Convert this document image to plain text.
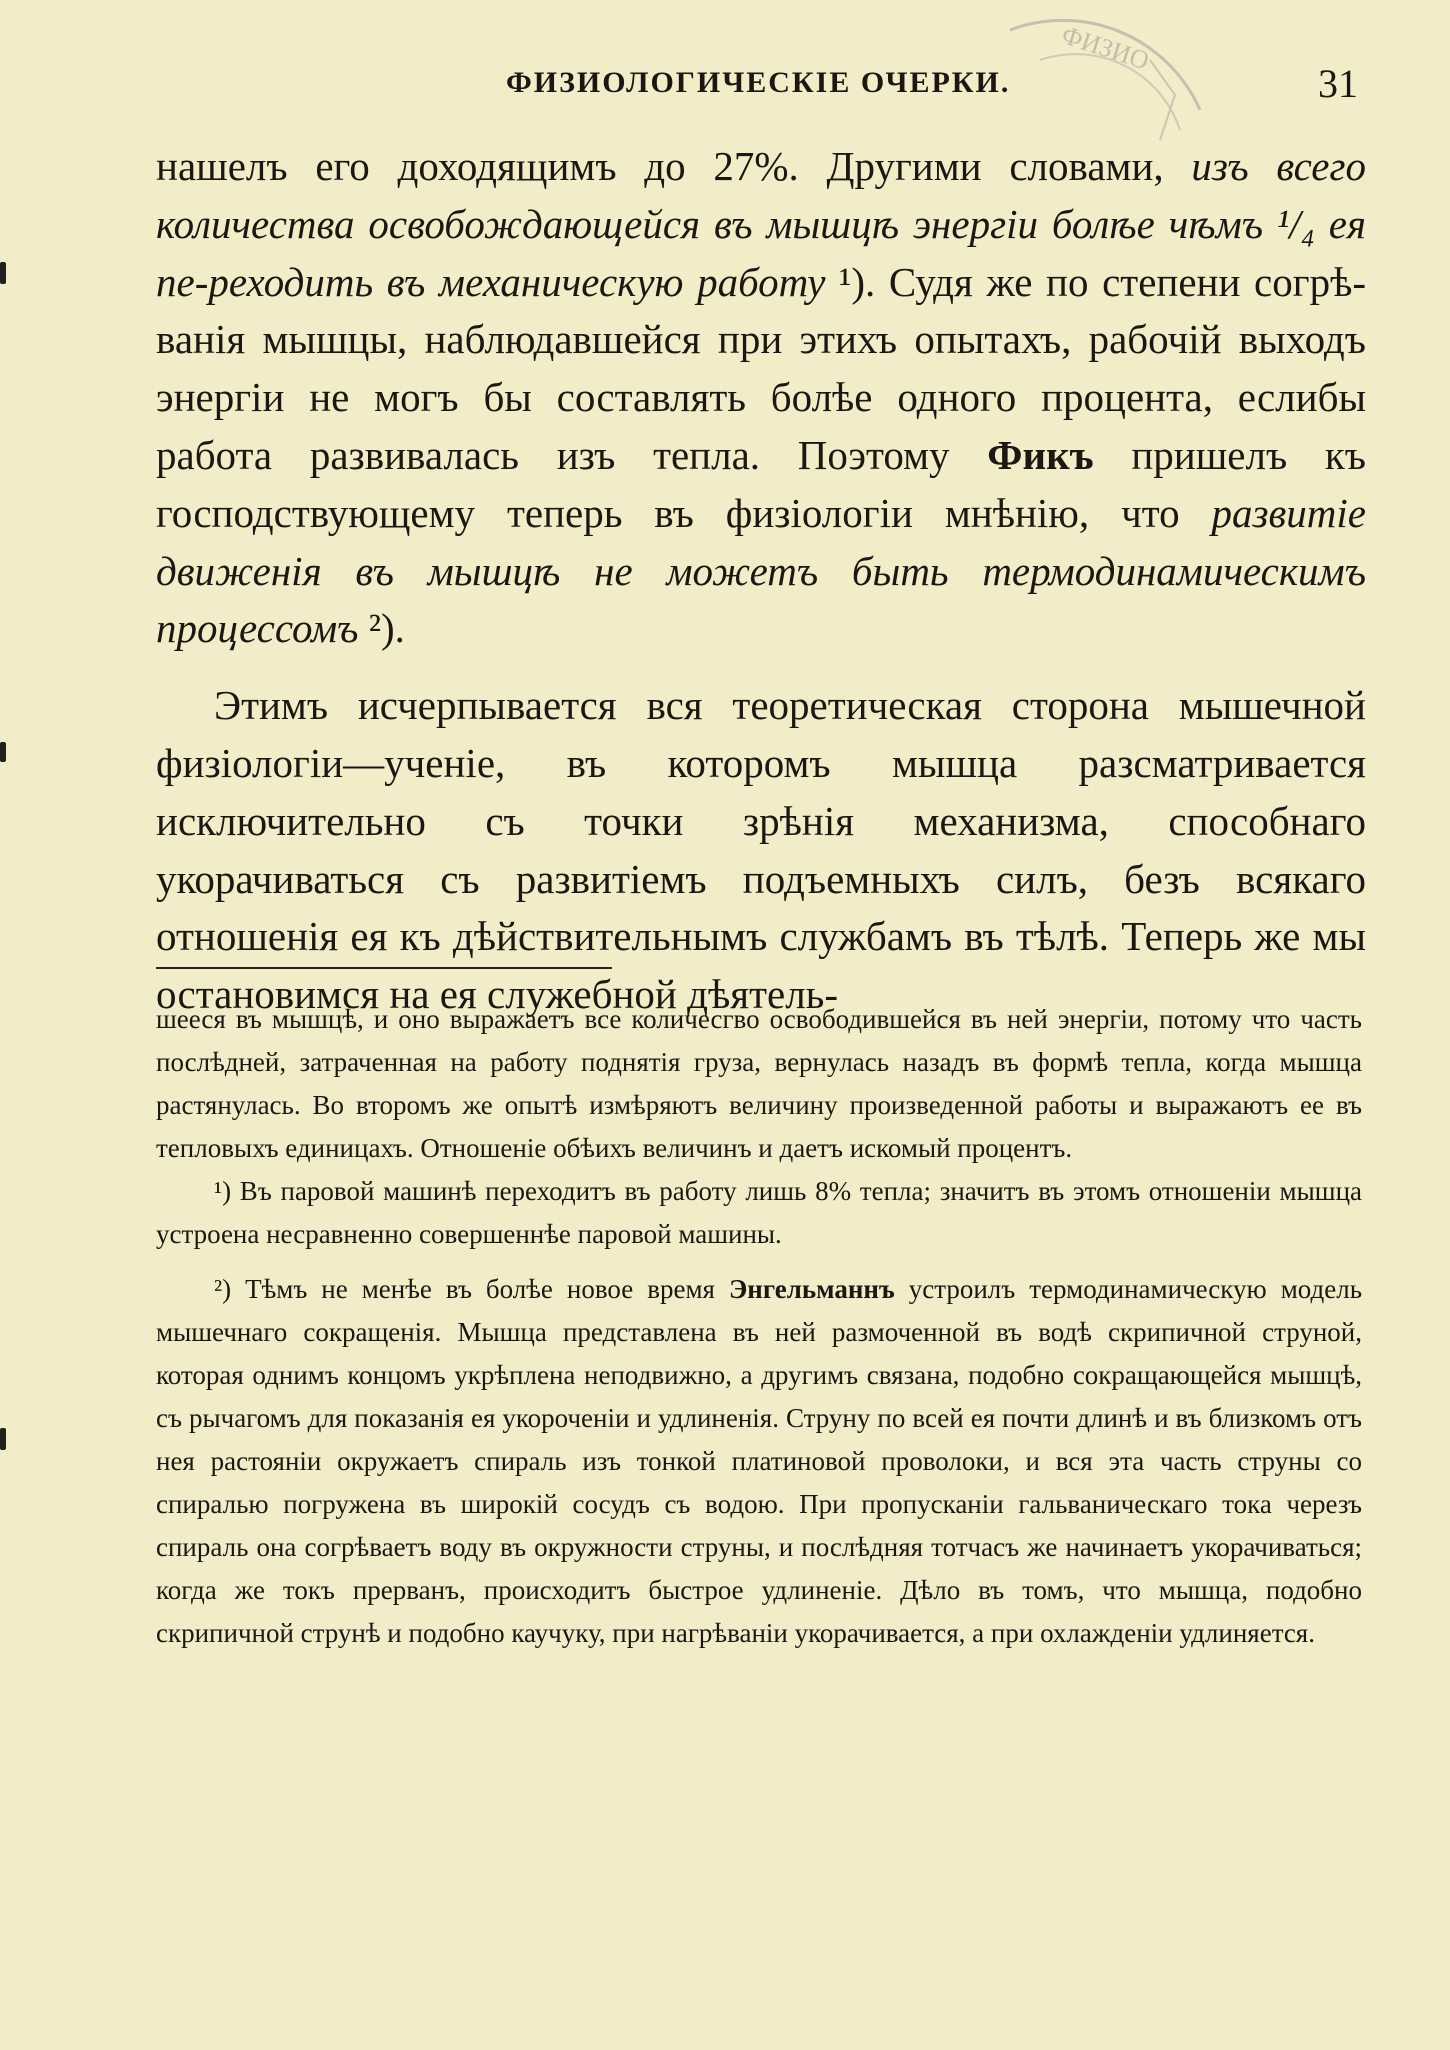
ФИЗИО
ФИЗИОЛОГИЧЕСКІЕ ОЧЕРКИ.	31

нашелъ его доходящимъ до 27%. Другими словами, изъ всего количества освобождающейся въ мышцѣ энергіи болѣе чѣмъ ¹/₄ ея пе-реходить въ механическую работу ¹). Судя же по степени согрѣ- ванія мышцы, наблюдавшейся при этихъ опытахъ, рабочій выходъ энергіи не могъ бы составлять болѣе одного процента, еслибы работа развивалась изъ тепла. Поэтому Фикъ пришелъ къ господствующему теперь въ физіологіи мнѣнію, что развитіе движенія въ мышцѣ не можетъ быть термодинамическимъ процессомъ ²).

Этимъ исчерпывается вся теоретическая сторона мышечной физіологіи—ученіе, въ которомъ мышца разсматривается исключительно съ точки зрѣнія механизма, способнаго укорачиваться съ развитіемъ подъемныхъ силъ, безъ всякаго отношенія ея къ дѣйствительнымъ службамъ въ тѣлѣ. Теперь же мы остановимся на ея служебной дѣятель-

шееся въ мышцѣ, и оно выражаетъ все количесгво освободившейся въ ней энергіи, потому что часть послѣдней, затраченная на работу поднятія груза, вернулась назадъ въ формѣ тепла, когда мышца растянулась. Во второмъ же опытѣ измѣряютъ величину произведенной работы и выражаютъ ее въ тепловыхъ единицахъ. Отношеніе обѣихъ величинъ и даетъ искомый процентъ.

¹) Въ паровой машинѣ переходитъ въ работу лишь 8% тепла; значитъ въ этомъ отношеніи мышца устроена несравненно совершеннѣе паровой машины.

²) Тѣмъ не менѣе въ болѣе новое время Энгельманнъ устроилъ термодинамическую модель мышечнаго сокращенія. Мышца представлена въ ней размоченной въ водѣ скрипичной струной, которая однимъ концомъ укрѣплена неподвижно, а другимъ связана, подобно сокращающейся мышцѣ, съ рычагомъ для показанія ея укороченіи и удлиненія. Струну по всей ея почти длинѣ и въ близкомъ отъ нея растояніи окружаетъ спираль изъ тонкой платиновой проволоки, и вся эта часть струны со спиралью погружена въ широкій сосудъ съ водою. При пропусканіи гальваническаго тока черезъ спираль она согрѣваетъ воду въ окружности струны, и послѣдняя тотчасъ же начинаетъ укорачиваться; когда же токъ прерванъ, происходитъ быстрое удлиненіе. Дѣло въ томъ, что мышца, подобно скрипичной струнѣ и подобно каучуку, при нагрѣваніи укорачивается, а при охлажденіи удлиняется.
